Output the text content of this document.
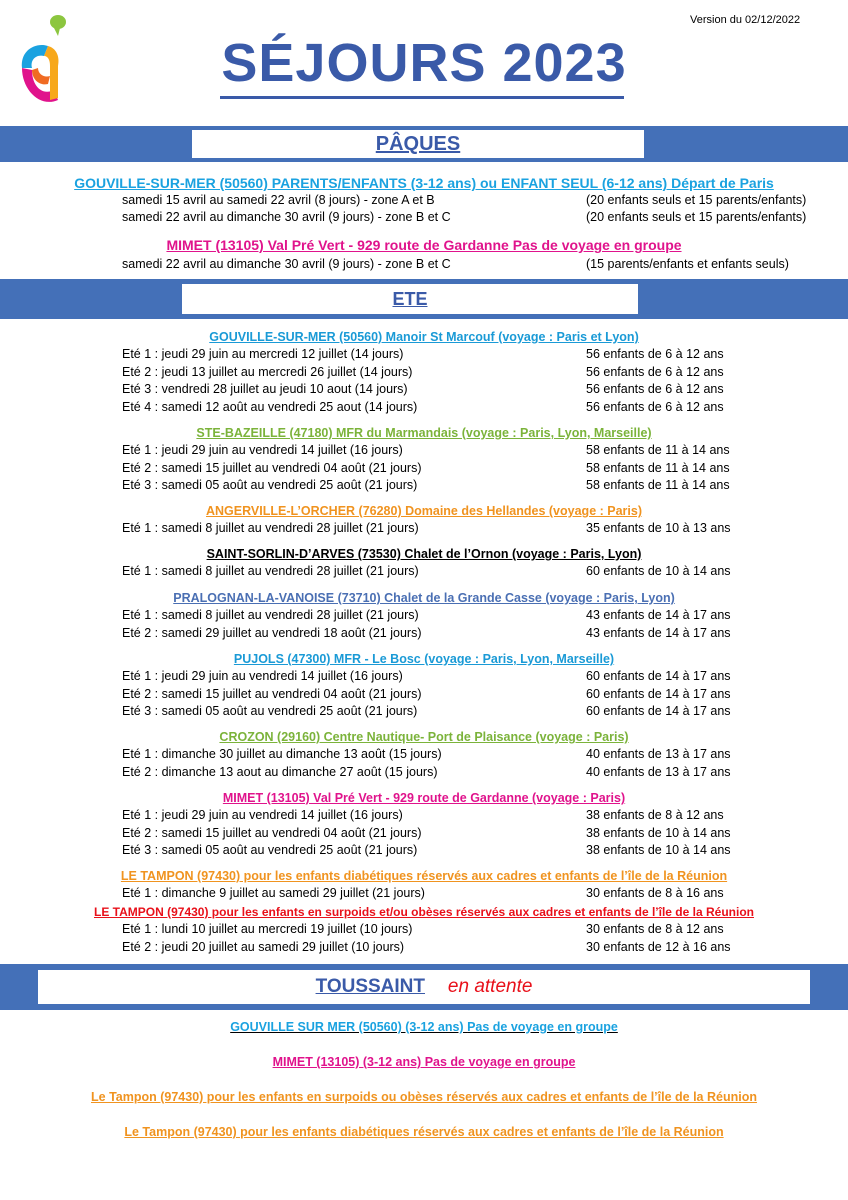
Version du 02/12/2022
SÉJOURS 2023
PÂQUES
GOUVILLE-SUR-MER (50560) PARENTS/ENFANTS (3-12 ans) ou ENFANT SEUL (6-12 ans) Départ de Paris
samedi 15 avril au samedi 22 avril (8 jours) - zone A et B	(20 enfants seuls et 15 parents/enfants)
samedi 22 avril au dimanche 30 avril (9 jours) - zone B et C	(20 enfants seuls et 15 parents/enfants)
MIMET (13105) Val Pré Vert - 929 route de Gardanne Pas de voyage en groupe
samedi 22 avril au dimanche 30 avril (9 jours) - zone B et C	(15 parents/enfants et enfants seuls)
ETE
GOUVILLE-SUR-MER (50560) Manoir St Marcouf (voyage : Paris et Lyon)
Eté 1 : jeudi 29 juin au mercredi 12 juillet (14 jours)	56 enfants de 6 à 12 ans
Eté 2 : jeudi 13 juillet au mercredi 26 juillet (14 jours)	56 enfants de 6 à 12 ans
Eté 3 : vendredi 28 juillet au jeudi 10 aout (14 jours)	56 enfants de 6 à 12 ans
Eté 4 : samedi 12 août au vendredi 25 aout (14 jours)	56 enfants de 6 à 12 ans
STE-BAZEILLE (47180) MFR du Marmandais (voyage : Paris, Lyon, Marseille)
Eté 1 : jeudi 29 juin au vendredi 14 juillet (16 jours)	58 enfants de 11 à 14 ans
Eté 2 : samedi 15 juillet au vendredi 04 août (21 jours)	58 enfants de 11 à 14 ans
Eté 3 : samedi 05 août au vendredi 25 août (21 jours)	58 enfants de 11 à 14 ans
ANGERVILLE-L’ORCHER (76280) Domaine des Hellandes (voyage : Paris)
Eté 1 : samedi 8 juillet au vendredi 28 juillet (21 jours)	35 enfants de 10 à 13 ans
SAINT-SORLIN-D’ARVES (73530) Chalet de l’Ornon (voyage : Paris, Lyon)
Eté 1 : samedi 8 juillet au vendredi 28 juillet (21 jours)	60 enfants de 10 à 14 ans
PRALOGNAN-LA-VANOISE (73710) Chalet de la Grande Casse (voyage : Paris, Lyon)
Eté 1 : samedi 8 juillet au vendredi 28 juillet (21 jours)	43 enfants de 14 à 17 ans
Eté 2 : samedi 29 juillet au vendredi 18 août (21 jours)	43 enfants de 14 à 17 ans
PUJOLS (47300) MFR - Le Bosc (voyage : Paris, Lyon, Marseille)
Eté 1 : jeudi 29 juin au vendredi 14 juillet (16 jours)	60 enfants de 14 à 17 ans
Eté 2 : samedi 15 juillet au vendredi 04 août (21 jours)	60 enfants de 14 à 17 ans
Eté 3 : samedi 05 août au vendredi 25 août (21 jours)	60 enfants de 14 à 17 ans
CROZON (29160) Centre Nautique- Port de Plaisance (voyage : Paris)
Eté 1 : dimanche 30 juillet au dimanche 13 août (15 jours)	40 enfants de 13 à 17 ans
Eté 2 : dimanche 13 aout au dimanche 27 août (15 jours)	40 enfants de 13 à 17 ans
MIMET (13105) Val Pré Vert - 929 route de Gardanne (voyage : Paris)
Eté 1 : jeudi 29 juin au vendredi 14 juillet (16 jours)	38 enfants de 8 à 12 ans
Eté 2 : samedi 15 juillet au vendredi 04 août (21 jours)	38 enfants de 10 à 14 ans
Eté 3 : samedi 05 août au vendredi 25 août (21 jours)	38 enfants de 10 à 14 ans
LE TAMPON (97430) pour les enfants diabétiques réservés aux cadres et enfants de l’île de la Réunion
Eté 1 : dimanche 9 juillet au samedi 29 juillet (21 jours)	30 enfants de 8 à 16 ans
LE TAMPON (97430) pour les enfants en surpoids et/ou obèses réservés aux cadres et enfants de l’île de la Réunion
Eté 1 : lundi 10 juillet au mercredi 19 juillet (10 jours)	30 enfants de 8 à 12 ans
Eté 2 : jeudi 20 juillet au samedi 29 juillet (10 jours)	30 enfants de 12 à 16 ans
TOUSSAINT en attente
GOUVILLE SUR MER (50560) (3-12 ans) Pas de voyage en groupe
MIMET (13105) (3-12 ans) Pas de voyage en groupe
Le Tampon (97430) pour les enfants en surpoids ou obèses réservés aux cadres et enfants de l’île de la Réunion
Le Tampon (97430) pour les enfants diabétiques réservés aux cadres et enfants de l’île de la Réunion
